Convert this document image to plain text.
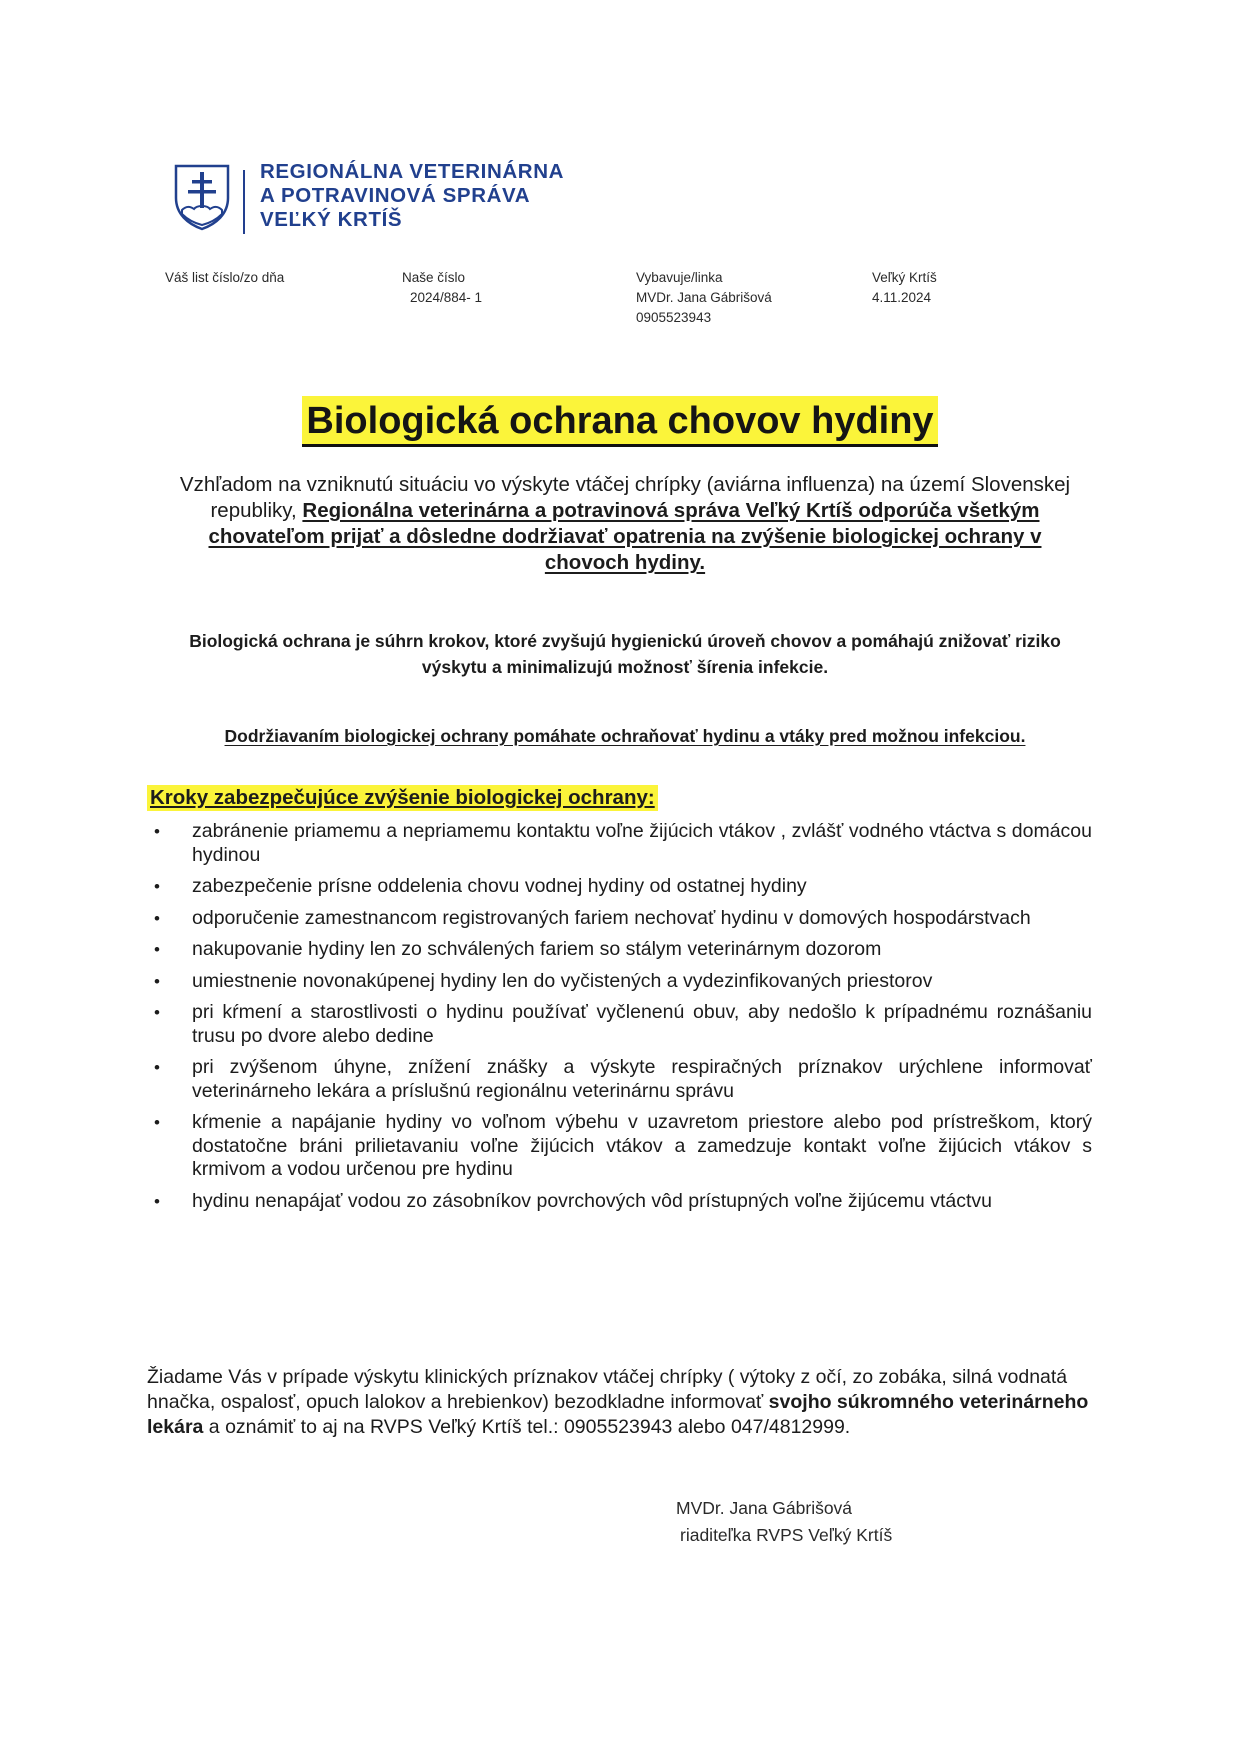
REGIONÁLNA VETERINÁRNA
A POTRAVINOVÁ SPRÁVA
VEĽKÝ KRTÍŠ
Váš list číslo/zo dňa	Naše číslo
2024/884- 1
Vybavuje/linka
MVDr. Jana Gábrišová
0905523943
Veľký Krtíš
4.11.2024
Biologická ochrana chovov hydiny
Vzhľadom na vzniknutú situáciu vo výskyte vtáčej chrípky (aviárna influenza) na území Slovenskej republiky, Regionálna veterinárna a potravinová správa Veľký Krtíš odporúča všetkým chovateľom prijať a dôsledne dodržiavať opatrenia na zvýšenie biologickej ochrany v chovoch hydiny.
Biologická ochrana je súhrn krokov, ktoré zvyšujú hygienickú úroveň chovov a pomáhajú znižovať riziko výskytu a minimalizujú možnosť šírenia infekcie.
Dodržiavaním biologickej ochrany pomáhate ochraňovať hydinu a vtáky pred možnou infekciou.
Kroky zabezpečujúce zvýšenie biologickej ochrany:
• zabránenie priamemu a nepriamemu kontaktu voľne žijúcich vtákov , zvlášť vodného vtáctva s domácou hydinou
• zabezpečenie prísne oddelenia chovu vodnej hydiny od ostatnej hydiny
• odporučenie zamestnancom registrovaných fariem nechovať hydinu v domových hospodárstvach
• nakupovanie hydiny len zo schválených fariem so stálym veterinárnym dozorom
• umiestnenie novonakúpenej hydiny len do vyčistených a vydezinfikovaných priestorov
• pri kŕmení a starostlivosti o hydinu používať vyčlenenú obuv, aby nedošlo k prípadnému roznášaniu trusu po dvore alebo dedine
• pri zvýšenom úhyne, znížení znášky a výskyte respiračných príznakov urýchlene informovať veterinárneho lekára a príslušnú regionálnu veterinárnu správu
• kŕmenie a napájanie hydiny vo voľnom výbehu v uzavretom priestore alebo pod prístreškom, ktorý dostatočne bráni prilietavaniu voľne žijúcich vtákov a zamedzuje kontakt voľne žijúcich vtákov s krmivom a vodou určenou pre hydinu
• hydinu nenapájať vodou zo zásobníkov povrchových vôd prístupných voľne žijúcemu vtáctvu
Žiadame Vás v prípade výskytu klinických príznakov vtáčej chrípky ( výtoky z očí, zo zobáka, silná vodnatá hnačka, ospalosť, opuch lalokov a hrebienkov) bezodkladne informovať svojho súkromného veterinárneho lekára a oznámiť to aj na RVPS Veľký Krtíš tel.: 0905523943 alebo 047/4812999.
MVDr. Jana Gábrišová
riaditeľka RVPS Veľký Krtíš
